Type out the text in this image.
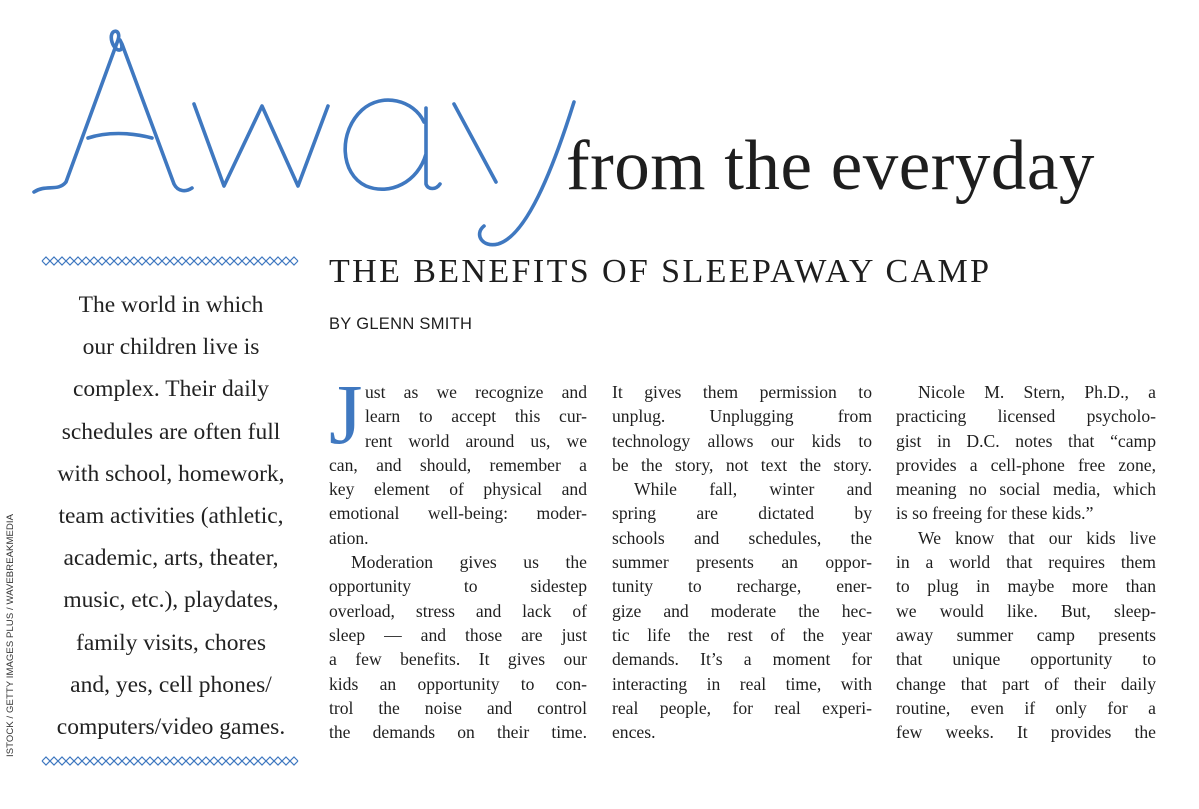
from the everyday
The world in which
our children live is
complex. Their daily
schedules are often full
with school, homework,
team activities (athletic,
academic, arts, theater,
music, etc.), playdates,
family visits, chores
and, yes, cell phones/
computers/video games.
ISTOCK / GETTY IMAGES PLUS / WAVEBREAKMEDIA
THE BENEFITS OF SLEEPAWAY CAMP
BY GLENN SMITH
J ust as we recognize and
learn to accept this cur-
rent world around us, we
can, and should, remember a
key element of physical and
emotional well-being: moder-
ation.
Moderation gives us the
opportunity to sidestep
overload, stress and lack of
sleep — and those are just
a few benefits. It gives our
kids an opportunity to con-
trol the noise and control
the demands on their time.
It gives them permission to
unplug. Unplugging from
technology allows our kids to
be the story, not text the story.
While fall, winter and
spring are dictated by
schools and schedules, the
summer presents an oppor-
tunity to recharge, ener-
gize and moderate the hec-
tic life the rest of the year
demands. It’s a moment for
interacting in real time, with
real people, for real experi-
ences.
Nicole M. Stern, Ph.D., a
practicing licensed psycholo-
gist in D.C. notes that “camp
provides a cell-phone free zone,
meaning no social media, which
is so freeing for these kids.”
We know that our kids live
in a world that requires them
to plug in maybe more than
we would like. But, sleep-
away summer camp presents
that unique opportunity to
change that part of their daily
routine, even if only for a
few weeks. It provides the
